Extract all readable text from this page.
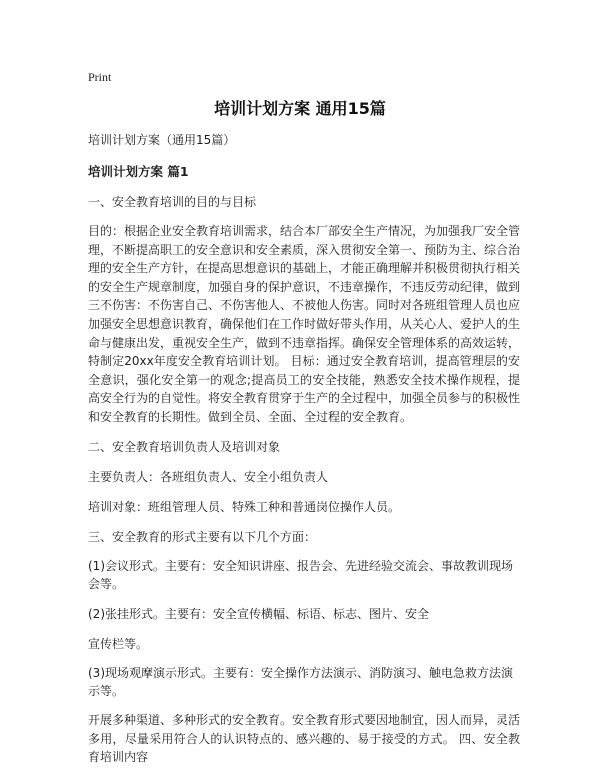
Print
培训计划方案 通用15篇

培训计划方案（通用15篇）

培训计划方案 篇1

一、安全教育培训的目的与目标

目的：根据企业安全教育培训需求，结合本厂部安全生产情况，为加强我厂安全管理，不断提高职工的安全意识和安全素质，深入贯彻安全第一、预防为主、综合治理的安全生产方针，在提高思想意识的基础上，才能正确理解并积极贯彻执行相关的安全生产规章制度，加强自身的保护意识，不违章操作，不违反劳动纪律，做到三不伤害：不伤害自己、不伤害他人、不被他人伤害。同时对各班组管理人员也应加强安全思想意识教育，确保他们在工作时做好带头作用，从关心人、爱护人的生命与健康出发，重视安全生产，做到不违章指挥。确保安全管理体系的高效运转，特制定20xx年度安全教育培训计划。 目标：通过安全教育培训，提高管理层的安全意识，强化安全第一的观念;提高员工的安全技能，熟悉安全技术操作规程，提高安全行为的自觉性。将安全教育贯穿于生产的全过程中，加强全员参与的积极性和安全教育的长期性。做到全员、全面、全过程的安全教育。

二、安全教育培训负责人及培训对象

主要负责人：各班组负责人、安全小组负责人

培训对象：班组管理人员、特殊工种和普通岗位操作人员。

三、安全教育的形式主要有以下几个方面：

(1)会议形式。主要有：安全知识讲座、报告会、先进经验交流会、事故教训现场会等。

(2)张挂形式。主要有：安全宣传横幅、标语、标志、图片、安全

宣传栏等。

(3)现场观摩演示形式。主要有：安全操作方法演示、消防演习、触电急救方法演示等。

开展多种渠道、多种形式的安全教育。安全教育形式要因地制宜，因人而异，灵活多用，尽量采用符合人的认识特点的、感兴趣的、易于接受的方式。 四、安全教育培训内容
